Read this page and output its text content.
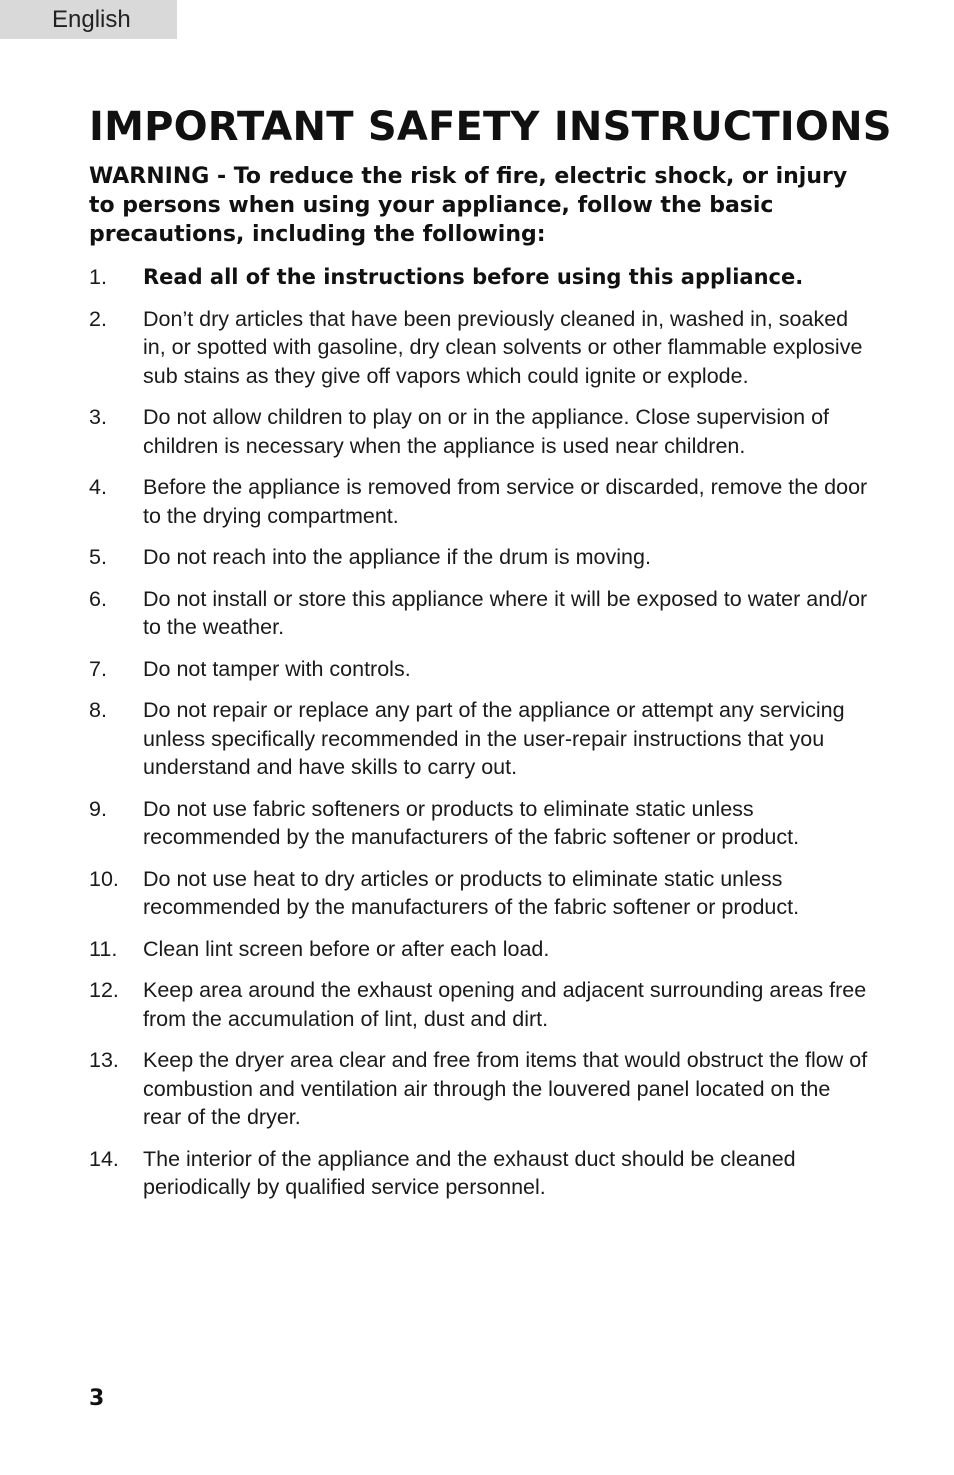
English
IMPORTANT SAFETY INSTRUCTIONS

WARNING - To reduce the risk of fire, electric shock, or injury to persons when using your appliance, follow the basic precautions, including the following:

1.	Read all of the instructions before using this appliance.
2.	Don’t dry articles that have been previously cleaned in, washed in, soaked in, or spotted with gasoline, dry clean solvents or other flammable explosive sub stains as they give off vapors which could ignite or explode.
3.	Do not allow children to play on or in the appliance. Close supervision of children is necessary when the appliance is used near children.
4.	Before the appliance is removed from service or discarded, remove the door to the drying compartment.
5.	Do not reach into the appliance if the drum is moving.
6.	Do not install or store this appliance where it will be exposed to water and/or to the weather.
7.	Do not tamper with controls.
8.	Do not repair or replace any part of the appliance or attempt any servicing unless specifically recommended in the user-repair instructions that you understand and have skills to carry out.
9.	Do not use fabric softeners or products to eliminate static unless recommended by the manufacturers of the fabric softener or product.
10.	Do not use heat to dry articles or products to eliminate static unless recommended by the manufacturers of the fabric softener or product.
11.	Clean lint screen before or after each load.
12.	Keep area around the exhaust opening and adjacent surrounding areas free from the accumulation of lint, dust and dirt.
13.	Keep the dryer area clear and free from items that would obstruct the flow of combustion and ventilation air through the louvered panel located on the rear of the dryer.
14.	The interior of the appliance and the exhaust duct should be cleaned periodically by qualified service personnel.
3
